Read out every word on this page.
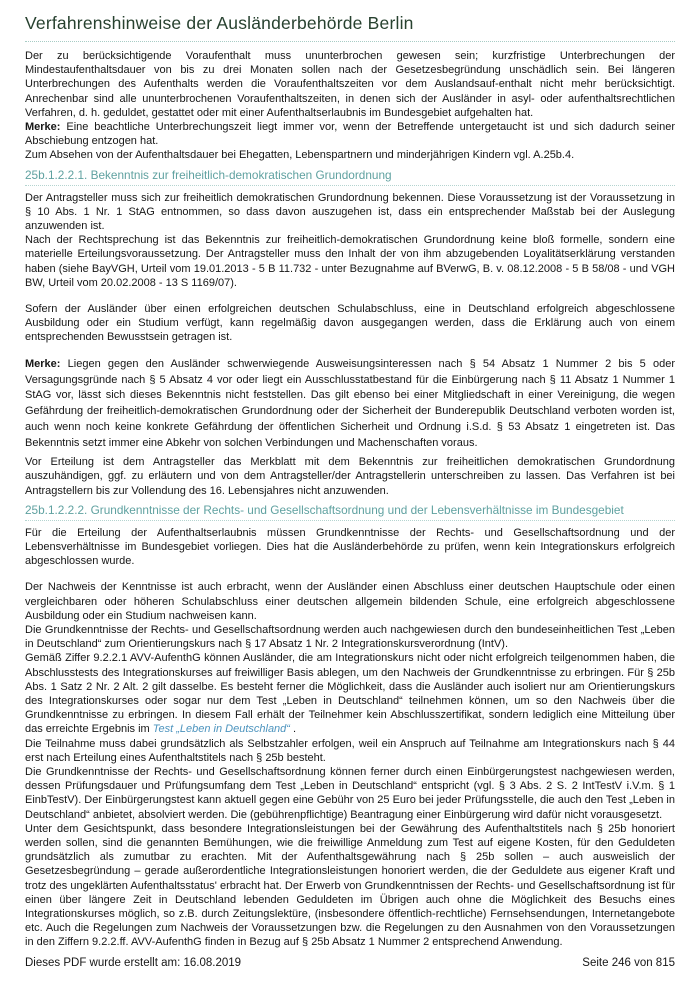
Verfahrenshinweise der Ausländerbehörde Berlin

Der zu berücksichtigende Voraufenthalt muss ununterbrochen gewesen sein; kurzfristige Unterbrechungen der Mindestaufenthaltsdauer von bis zu drei Monaten sollen nach der Gesetzesbegründung unschädlich sein. Bei längeren Unterbrechungen des Aufenthalts werden die Voraufenthaltszeiten vor dem Auslandsauf-enthalt nicht mehr berücksichtigt. Anrechenbar sind alle ununterbrochenen Voraufenthaltszeiten, in denen sich der Ausländer in asyl- oder aufenthaltsrechtlichen Verfahren, d. h. geduldet, gestattet oder mit einer Aufenthaltserlaubnis im Bundesgebiet aufgehalten hat.

Merke: Eine beachtliche Unterbrechungszeit liegt immer vor, wenn der Betreffende untergetaucht ist und sich dadurch seiner Abschiebung entzogen hat.

Zum Absehen von der Aufenthaltsdauer bei Ehegatten, Lebenspartnern und minderjährigen Kindern vgl. A.25b.4.

25b.1.2.2.1. Bekenntnis zur freiheitlich-demokratischen Grundordnung

Der Antragsteller muss sich zur freiheitlich demokratischen Grundordnung bekennen. Diese Voraussetzung ist der Voraussetzung in § 10 Abs. 1 Nr. 1 StAG entnommen, so dass davon auszugehen ist, dass ein entsprechender Maßstab bei der Auslegung anzuwenden ist.

Nach der Rechtsprechung ist das Bekenntnis zur freiheitlich-demokratischen Grundordnung keine bloß formelle, sondern eine materielle Erteilungsvoraussetzung. Der Antragsteller muss den Inhalt der von ihm abzugebenden Loyalitätserklärung verstanden haben (siehe BayVGH, Urteil vom 19.01.2013 - 5 B 11.732 - unter Bezugnahme auf BVerwG, B. v. 08.12.2008 - 5 B 58/08 - und VGH BW, Urteil vom 20.02.2008 - 13 S 1169/07).

Sofern der Ausländer über einen erfolgreichen deutschen Schulabschluss, eine in Deutschland erfolgreich abgeschlossene Ausbildung oder ein Studium verfügt, kann regelmäßig davon ausgegangen werden, dass die Erklärung auch von einem entsprechenden Bewusstsein getragen ist.

Merke: Liegen gegen den Ausländer schwerwiegende Ausweisungsinteressen nach § 54 Absatz 1 Nummer 2 bis 5 oder Versagungsgründe nach § 5 Absatz 4 vor oder liegt ein Ausschlusstatbestand für die Einbürgerung nach § 11 Absatz 1 Nummer 1 StAG vor, lässt sich dieses Bekenntnis nicht feststellen. Das gilt ebenso bei einer Mitgliedschaft in einer Vereinigung, die wegen Gefährdung der freiheitlich-demokratischen Grundordnung oder der Sicherheit der Bunderepublik Deutschland verboten worden ist, auch wenn noch keine konkrete Gefährdung der öffentlichen Sicherheit und Ordnung i.S.d. § 53 Absatz 1 eingetreten ist. Das Bekenntnis setzt immer eine Abkehr von solchen Verbindungen und Machenschaften voraus.

Vor Erteilung ist dem Antragsteller das Merkblatt mit dem Bekenntnis zur freiheitlichen demokratischen Grundordnung auszuhändigen, ggf. zu erläutern und von dem Antragsteller/der Antragstellerin unterschreiben zu lassen. Das Verfahren ist bei Antragstellern bis zur Vollendung des 16. Lebensjahres nicht anzuwenden.

25b.1.2.2.2. Grundkenntnisse der Rechts- und Gesellschaftsordnung und der Lebensverhältnisse im Bundesgebiet

Für die Erteilung der Aufenthaltserlaubnis müssen Grundkenntnisse der Rechts- und Gesellschaftsordnung und der Lebensverhältnisse im Bundesgebiet vorliegen. Dies hat die Ausländerbehörde zu prüfen, wenn kein Integrationskurs erfolgreich abgeschlossen wurde.

Der Nachweis der Kenntnisse ist auch erbracht, wenn der Ausländer einen Abschluss einer deutschen Hauptschule oder einen vergleichbaren oder höheren Schulabschluss einer deutschen allgemein bildenden Schule, eine erfolgreich abgeschlossene Ausbildung oder ein Studium nachweisen kann.

Die Grundkenntnisse der Rechts- und Gesellschaftsordnung werden auch nachgewiesen durch den bundeseinheitlichen Test „Leben in Deutschland“ zum Orientierungskurs nach § 17 Absatz 1 Nr. 2 Integrationskursverordnung (IntV).

Gemäß Ziffer 9.2.2.1 AVV-AufenthG können Ausländer, die am Integrationskurs nicht oder nicht erfolgreich teilgenommen haben, die Abschlusstests des Integrationskurses auf freiwilliger Basis ablegen, um den Nachweis der Grundkenntnisse zu erbringen. Für § 25b Abs. 1 Satz 2 Nr. 2 Alt. 2 gilt dasselbe. Es besteht ferner die Möglichkeit, dass die Ausländer auch isoliert nur am Orientierungskurs des Integrationskurses oder sogar nur dem Test „Leben in Deutschland“ teilnehmen können, um so den Nachweis über die Grundkenntnisse zu erbringen. In diesem Fall erhält der Teilnehmer kein Abschlusszertifikat, sondern lediglich eine Mitteilung über das erreichte Ergebnis im Test „Leben in Deutschland“ .

Die Teilnahme muss dabei grundsätzlich als Selbstzahler erfolgen, weil ein Anspruch auf Teilnahme am Integrationskurs nach § 44 erst nach Erteilung eines Aufenthaltstitels nach § 25b besteht.

Die Grundkenntnisse der Rechts- und Gesellschaftsordnung können ferner durch einen Einbürgerungstest nachgewiesen werden, dessen Prüfungsdauer und Prüfungsumfang dem Test „Leben in Deutschland“ entspricht (vgl. § 3 Abs. 2 S. 2 IntTestV i.V.m. § 1 EinbTestV). Der Einbürgerungstest kann aktuell gegen eine Gebühr von 25 Euro bei jeder Prüfungsstelle, die auch den Test „Leben in Deutschland“ anbietet, absolviert werden. Die (gebührenpflichtige) Beantragung einer Einbürgerung wird dafür nicht vorausgesetzt.

Unter dem Gesichtspunkt, dass besondere Integrationsleistungen bei der Gewährung des Aufenthaltstitels nach § 25b honoriert werden sollen, sind die genannten Bemühungen, wie die freiwillige Anmeldung zum Test auf eigene Kosten, für den Geduldeten grundsätzlich als zumutbar zu erachten. Mit der Aufenthaltsgewährung nach § 25b sollen – auch ausweislich der Gesetzesbegründung – gerade außerordentliche Integrationsleistungen honoriert werden, die der Geduldete aus eigener Kraft und trotz des ungeklärten Aufenthaltsstatus' erbracht hat. Der Erwerb von Grundkenntnissen der Rechts- und Gesellschaftsordnung ist für einen über längere Zeit in Deutschland lebenden Geduldeten im Übrigen auch ohne die Möglichkeit des Besuchs eines Integrationskurses möglich, so z.B. durch Zeitungslektüre, (insbesondere öffentlich-rechtliche) Fernsehsendungen, Internetangebote etc. Auch die Regelungen zum Nachweis der Voraussetzungen bzw. die Regelungen zu den Ausnahmen von den Voraussetzungen in den Ziffern 9.2.2.ff. AVV-AufenthG finden in Bezug auf § 25b Absatz 1 Nummer 2 entsprechend Anwendung.

Dieses PDF wurde erstellt am: 16.08.2019	Seite 246 von 815
